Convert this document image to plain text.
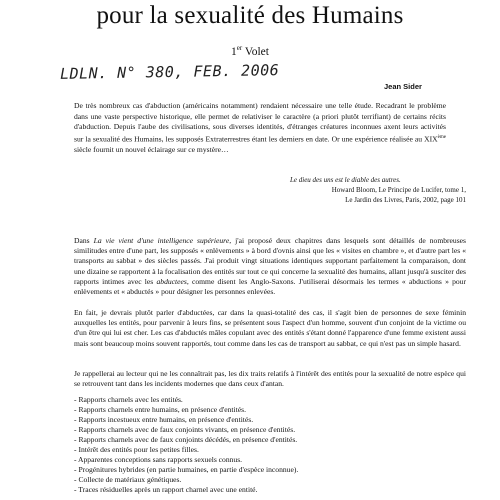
pour la sexualité des Humains
1er Volet
LDLN. N° 380, FEB. 2006
Jean Sider

De très nombreux cas d'abduction (américains notamment) rendaient nécessaire une telle étude. Recadrant le problème dans une vaste perspective historique, elle permet de relativiser le caractère (a priori plutôt terrifiant) de certains récits d'abduction. Depuis l'aube des civilisations, sous diverses identités, d'étranges créatures inconnues axent leurs activités sur la sexualité des Humains, les supposés Extraterrestres étant les derniers en date. Or une expérience réalisée au XIXème siècle fournit un nouvel éclairage sur ce mystère…

Le dieu des uns est le diable des autres.
Howard Bloom, Le Principe de Lucifer, tome 1,
Le Jardin des Livres, Paris, 2002, page 101

Dans La vie vient d'une intelligence supérieure, j'ai proposé deux chapitres dans lesquels sont détaillés de nombreuses similitudes entre d'une part, les supposés « enlèvements » à bord d'ovnis ainsi que les « visites en chambre », et d'autre part les « transports au sabbat » des siècles passés. J'ai produit vingt situations identiques supportant parfaitement la comparaison, dont une dizaine se rapportent à la focalisation des entités sur tout ce qui concerne la sexualité des humains, allant jusqu'à susciter des rapports intimes avec les abductees, comme disent les Anglo-Saxons. J'utiliserai désormais les termes « abductions » pour enlèvements et « abductés » pour désigner les personnes enlevées.

En fait, je devrais plutôt parler d'abductées, car dans la quasi-totalité des cas, il s'agit bien de personnes de sexe féminin auxquelles les entités, pour parvenir à leurs fins, se présentent sous l'aspect d'un homme, souvent d'un conjoint de la victime ou d'un être qui lui est cher. Les cas d'abductés mâles copulant avec des entités s'étant donné l'apparence d'une femme existent aussi mais sont beaucoup moins souvent rapportés, tout comme dans les cas de transport au sabbat, ce qui n'est pas un simple hasard.

Je rappellerai au lecteur qui ne les connaîtrait pas, les dix traits relatifs à l'intérêt des entités pour la sexualité de notre espèce qui se retrouvent tant dans les incidents modernes que dans ceux d'antan.

- Rapports charnels avec les entités.
- Rapports charnels entre humains, en présence d'entités.
- Rapports incestueux entre humains, en présence d'entités.
- Rapports charnels avec de faux conjoints vivants, en présence d'entités.
- Rapports charnels avec de faux conjoints décédés, en présence d'entités.
- Intérêt des entités pour les petites filles.
- Apparentes conceptions sans rapports sexuels connus.
- Progénitures hybrides (en partie humaines, en partie d'espèce inconnue).
- Collecte de matériaux génétiques.
- Traces résiduelles après un rapport charnel avec une entité.
